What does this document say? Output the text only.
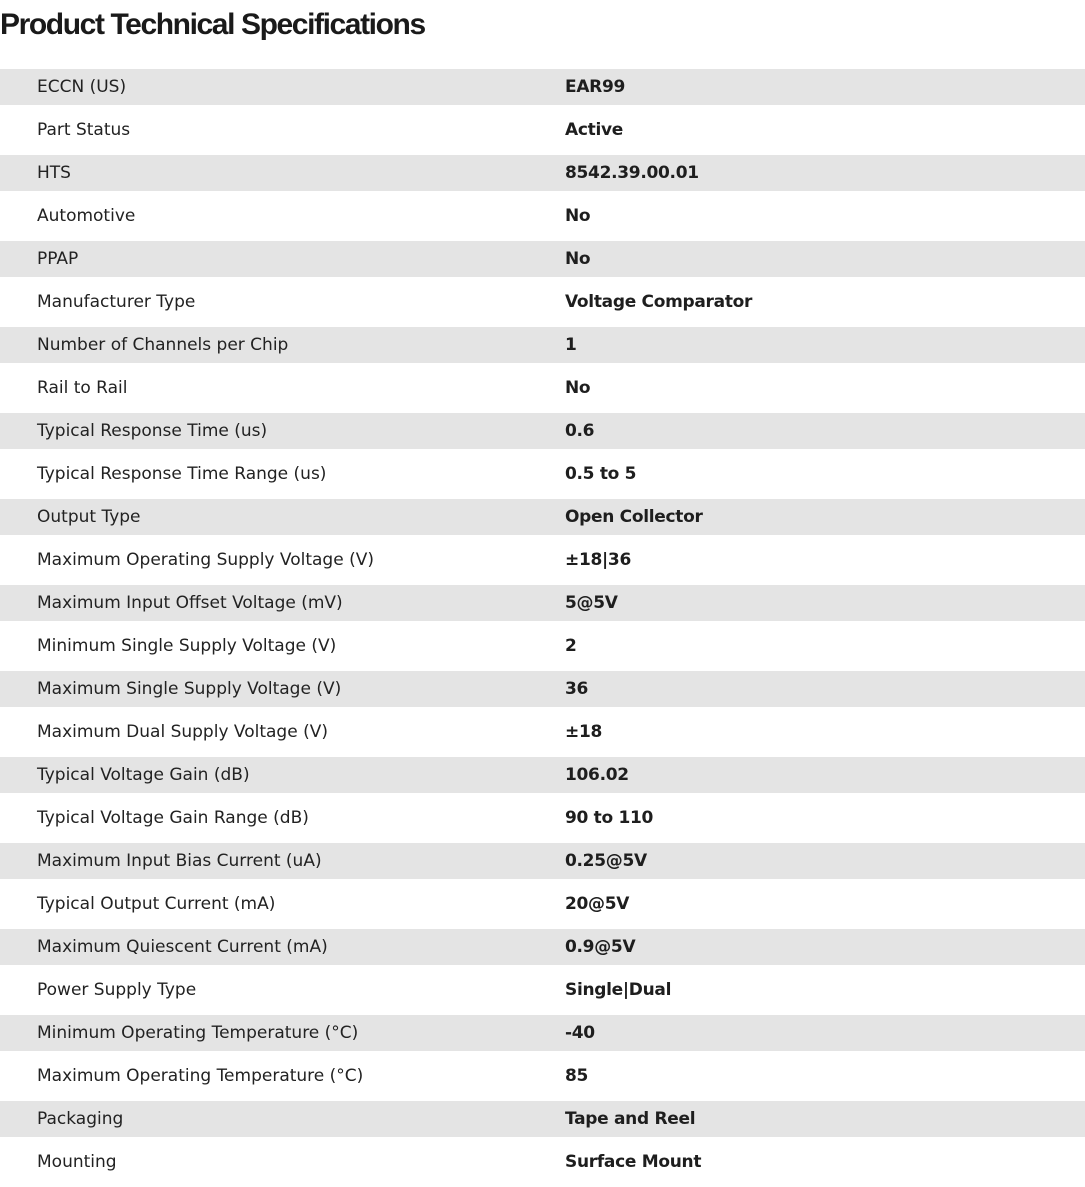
Product Technical Specifications
ECCN (US)	EAR99
Part Status	Active
HTS	8542.39.00.01
Automotive	No
PPAP	No
Manufacturer Type	Voltage Comparator
Number of Channels per Chip	1
Rail to Rail	No
Typical Response Time (us)	0.6
Typical Response Time Range (us)	0.5 to 5
Output Type	Open Collector
Maximum Operating Supply Voltage (V)	±18|36
Maximum Input Offset Voltage (mV)	5@5V
Minimum Single Supply Voltage (V)	2
Maximum Single Supply Voltage (V)	36
Maximum Dual Supply Voltage (V)	±18
Typical Voltage Gain (dB)	106.02
Typical Voltage Gain Range (dB)	90 to 110
Maximum Input Bias Current (uA)	0.25@5V
Typical Output Current (mA)	20@5V
Maximum Quiescent Current (mA)	0.9@5V
Power Supply Type	Single|Dual
Minimum Operating Temperature (°C)	-40
Maximum Operating Temperature (°C)	85
Packaging	Tape and Reel
Mounting	Surface Mount
